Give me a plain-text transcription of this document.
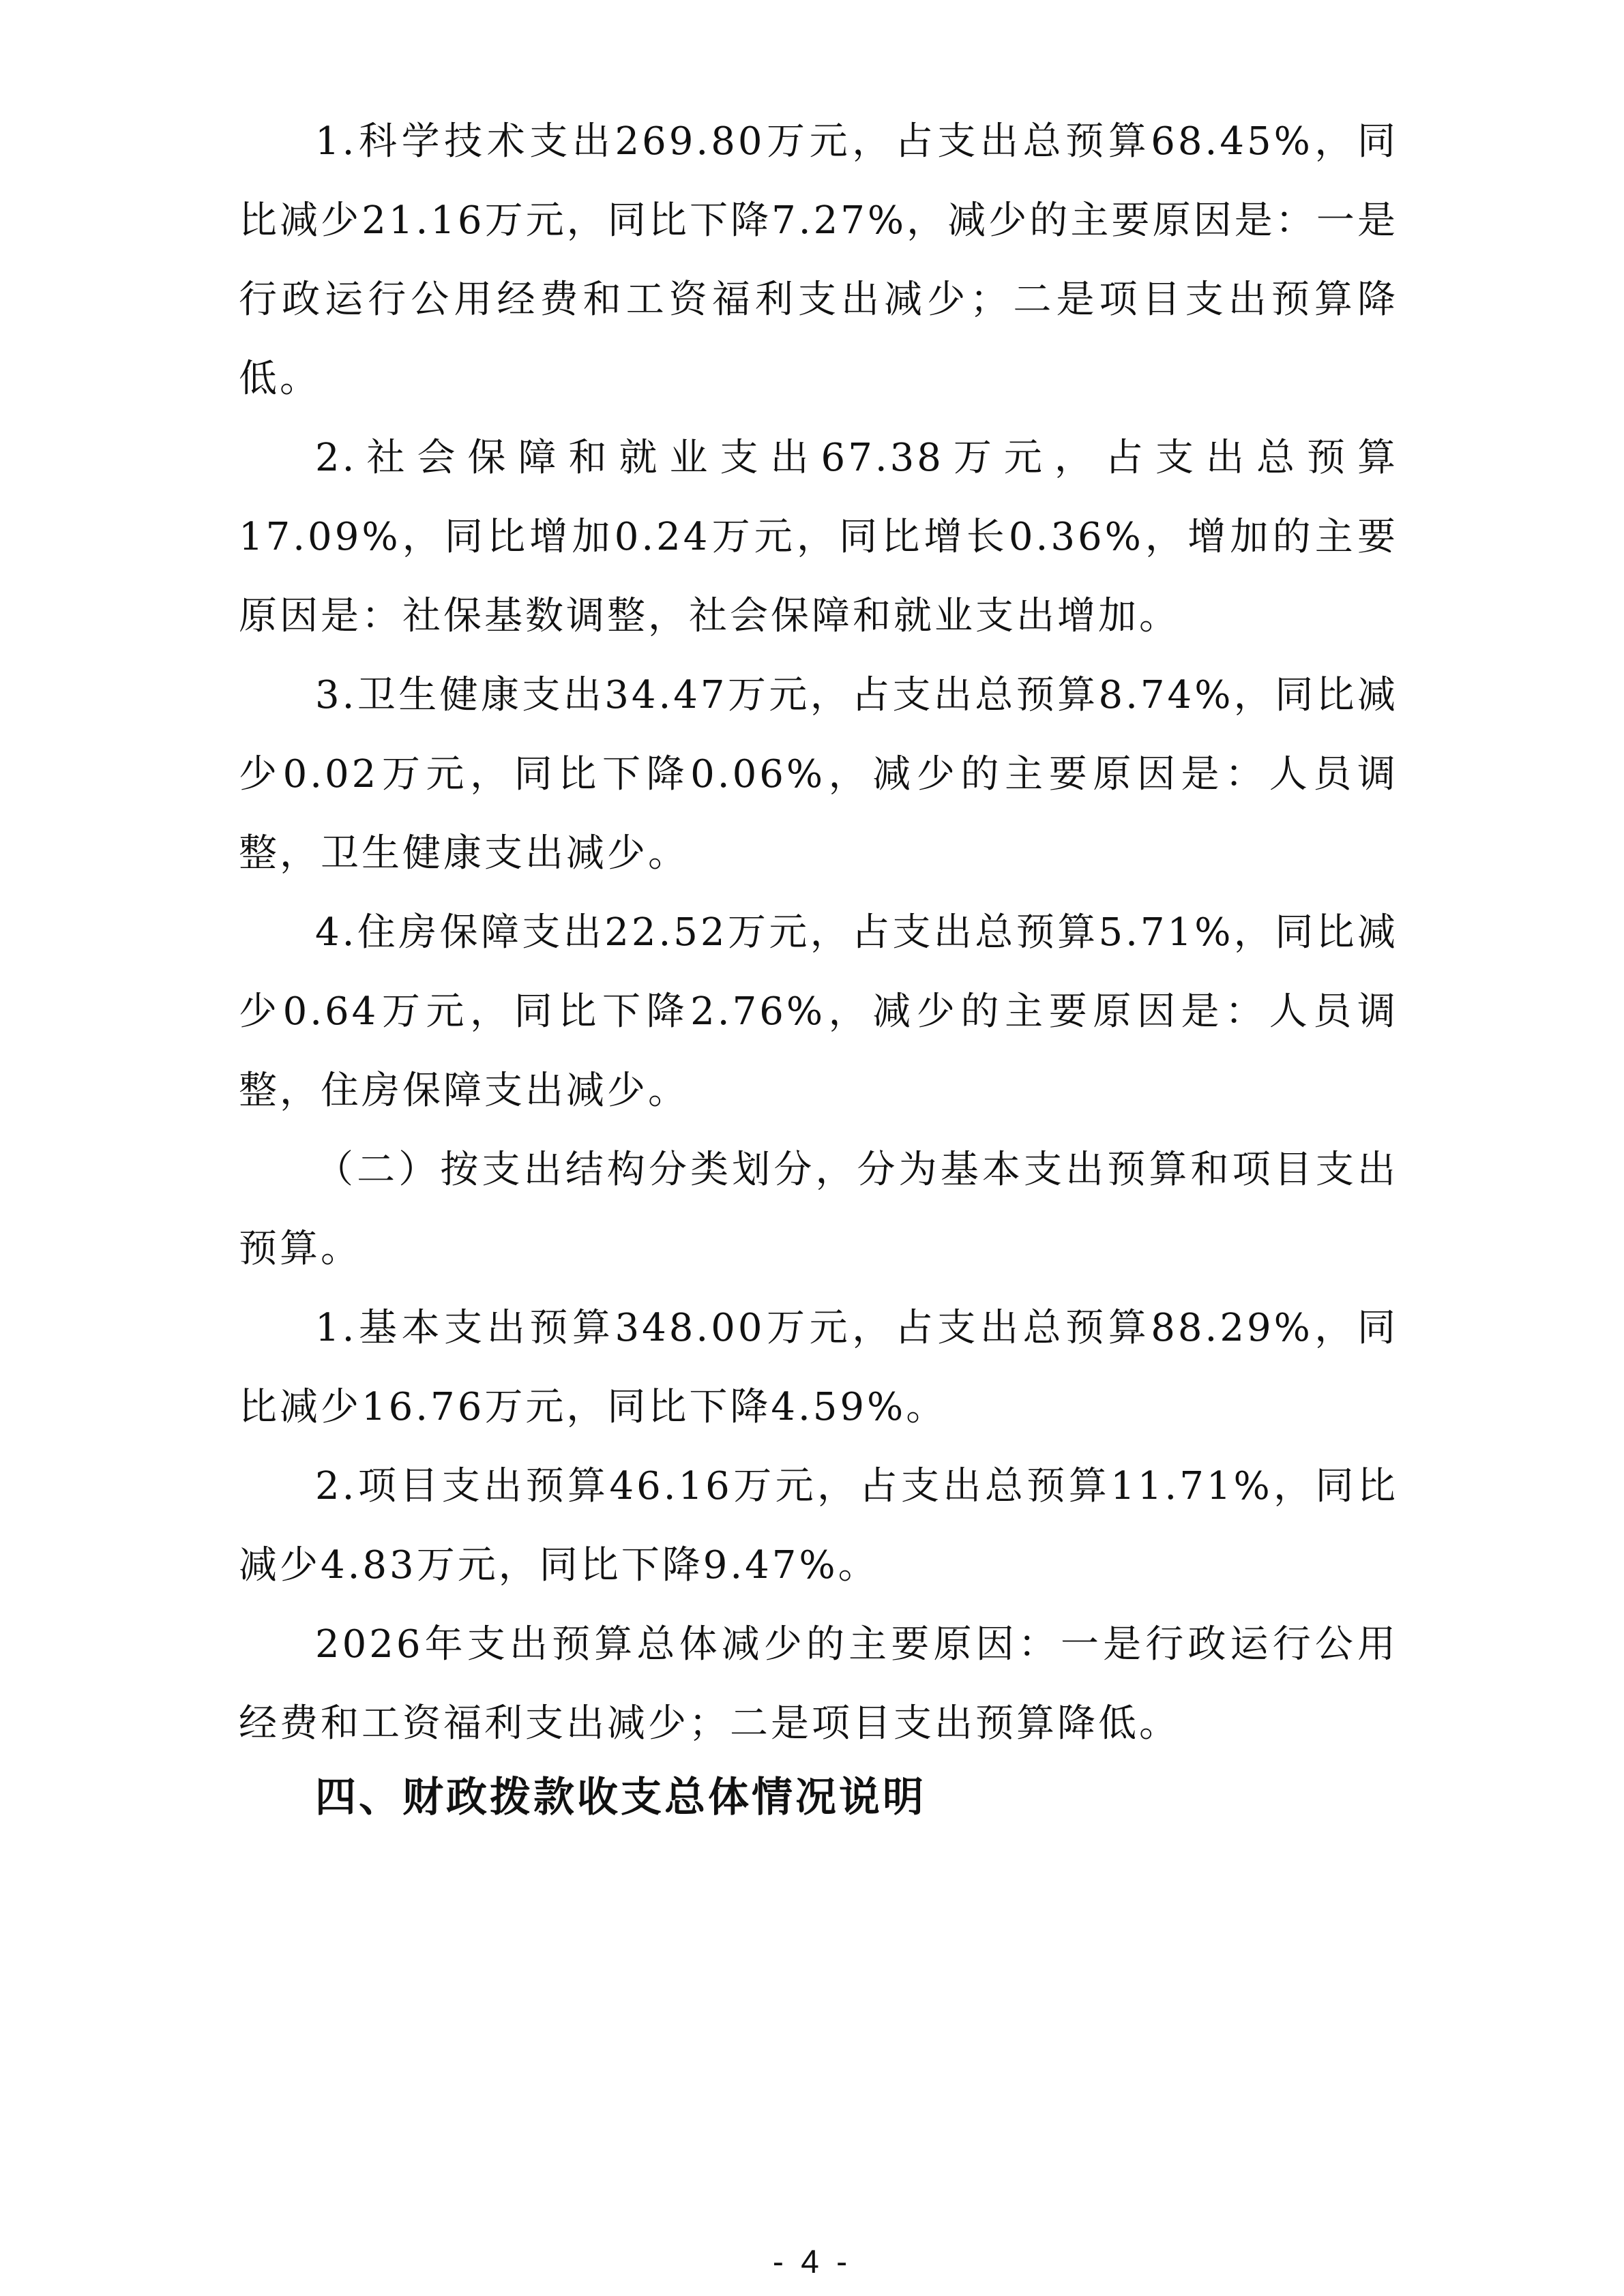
1.科学技术支出269.80万元，占支出总预算68.45%，同比减少21.16万元，同比下降7.27%，减少的主要原因是：一是行政运行公用经费和工资福利支出减少；二是项目支出预算降低。

2.社会保障和就业支出67.38万元，占支出总预算17.09%，同比增加0.24万元，同比增长0.36%，增加的主要原因是：社保基数调整，社会保障和就业支出增加。

3.卫生健康支出34.47万元，占支出总预算8.74%，同比减少0.02万元，同比下降0.06%，减少的主要原因是：人员调整，卫生健康支出减少。

4.住房保障支出22.52万元，占支出总预算5.71%，同比减少0.64万元，同比下降2.76%，减少的主要原因是：人员调整，住房保障支出减少。

（二）按支出结构分类划分，分为基本支出预算和项目支出预算。

1.基本支出预算348.00万元，占支出总预算88.29%，同比减少16.76万元，同比下降4.59%。

2.项目支出预算46.16万元，占支出总预算11.71%，同比减少4.83万元，同比下降9.47%。

2026年支出预算总体减少的主要原因：一是行政运行公用经费和工资福利支出减少；二是项目支出预算降低。

四、财政拨款收支总体情况说明
- 4 -
